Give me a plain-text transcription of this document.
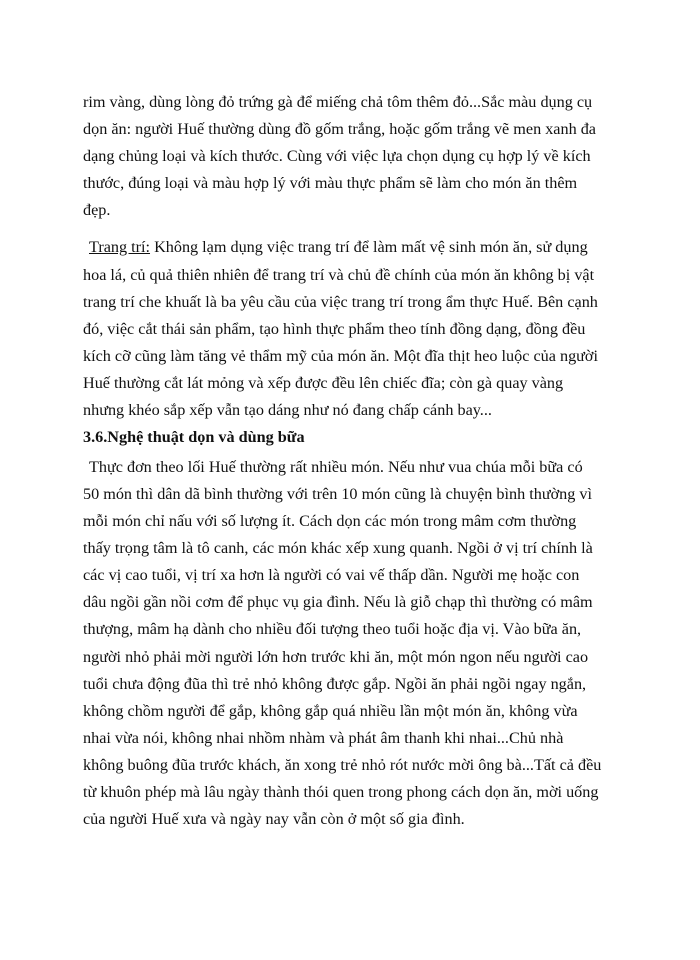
rim vàng, dùng lòng đỏ trứng gà để miếng chả tôm thêm đỏ...Sắc màu dụng cụ

dọn ăn: người Huế thường dùng đồ gốm trắng, hoặc gốm trắng vẽ men xanh đa

dạng chủng loại và kích thước. Cùng với việc lựa chọn dụng cụ hợp lý về kích

thước, đúng loại và màu hợp lý với màu thực phẩm sẽ làm cho món ăn thêm

đẹp.

Trang trí: Không lạm dụng việc trang trí để làm mất vệ sinh món ăn, sử dụng

hoa lá, củ quả thiên nhiên để trang trí và chủ đề chính của món ăn không bị vật

trang trí che khuất là ba yêu cầu của việc trang trí trong ẩm thực Huế. Bên cạnh

đó, việc cắt thái sản phẩm, tạo hình thực phẩm theo tính đồng dạng, đồng đều

kích cỡ cũng làm tăng vẻ thẩm mỹ của món ăn. Một đĩa thịt heo luộc của người

Huế thường cắt lát mỏng và xếp được đều lên chiếc đĩa; còn gà quay vàng

nhưng khéo sắp xếp vẫn tạo dáng như nó đang chấp cánh bay...

3.6.Nghệ thuật dọn và dùng bữa

Thực đơn theo lối Huế thường rất nhiều món. Nếu như vua chúa mỗi bữa có

50 món thì dân dã bình thường với trên 10 món cũng là chuyện bình thường vì

mỗi món chỉ nấu với số lượng ít. Cách dọn các món trong mâm cơm thường

thấy trọng tâm là tô canh, các món khác xếp xung quanh. Ngồi ở vị trí chính là

các vị cao tuổi, vị trí xa hơn là người có vai vế thấp dần. Người mẹ hoặc con

dâu ngồi gần nồi cơm để phục vụ gia đình. Nếu là giỗ chạp thì thường có mâm

thượng, mâm hạ dành cho nhiều đối tượng theo tuổi hoặc địa vị. Vào bữa ăn,

người nhỏ phải mời người lớn hơn trước khi ăn, một món ngon nếu người cao

tuổi chưa động đũa thì trẻ nhỏ không được gắp. Ngồi ăn phải ngồi ngay ngắn,

không chồm người để gắp, không gắp quá nhiều lần một món ăn, không vừa

nhai vừa nói, không nhai nhồm nhàm và phát âm thanh khi nhai...Chủ nhà

không buông đũa trước khách, ăn xong trẻ nhỏ rót nước mời ông bà...Tất cả đều

từ khuôn phép mà lâu ngày thành thói quen trong phong cách dọn ăn, mời uống

của người Huế xưa và ngày nay vẫn còn ở một số gia đình.
